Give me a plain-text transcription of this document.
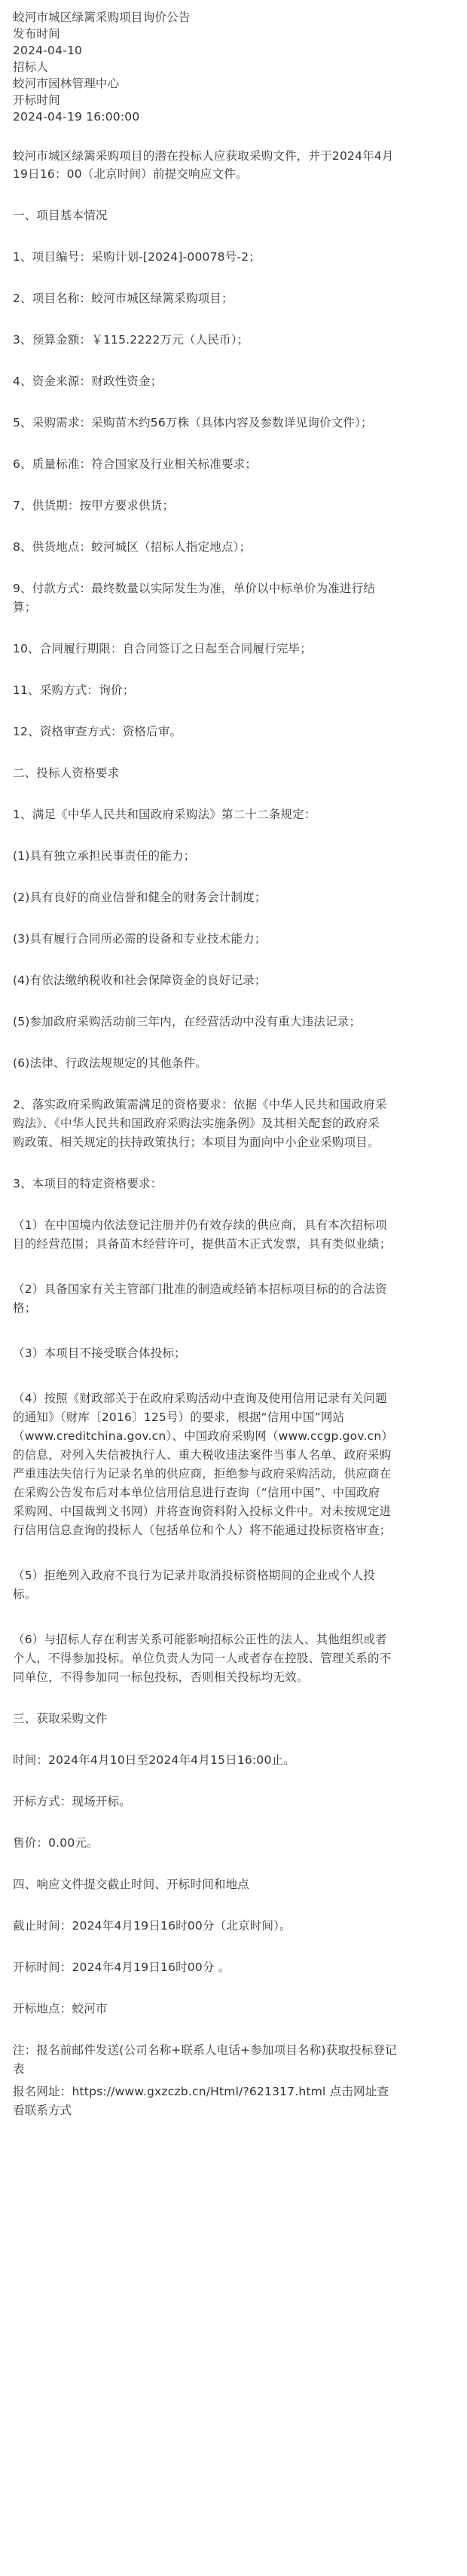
蛟河市城区绿篱采购项目询价公告
发布时间
2024-04-10
招标人
蛟河市园林管理中心
开标时间
2024-04-19 16:00:00
蛟河市城区绿篱采购项目的潜在投标人应获取采购文件，并于2024年4月
19日16：00（北京时间）前提交响应文件。
一、项目基本情况
1、项目编号：采购计划-[2024]-00078号-2；
2、项目名称：蛟河市城区绿篱采购项目；
3、预算金额：￥115.2222万元（人民币）；
4、资金来源：财政性资金；
5、采购需求：采购苗木约56万株（具体内容及参数详见询价文件）；
6、质量标准：符合国家及行业相关标准要求；
7、供货期：按甲方要求供货；
8、供货地点：蛟河城区（招标人指定地点）；
9、付款方式：最终数量以实际发生为准，单价以中标单价为准进行结
算；
10、合同履行期限：自合同签订之日起至合同履行完毕；
11、采购方式：询价；
12、资格审查方式：资格后审。
二、投标人资格要求
1、满足《中华人民共和国政府采购法》第二十二条规定：
(1)具有独立承担民事责任的能力；
(2)具有良好的商业信誉和健全的财务会计制度；
(3)具有履行合同所必需的设备和专业技术能力；
(4)有依法缴纳税收和社会保障资金的良好记录；
(5)参加政府采购活动前三年内，在经营活动中没有重大违法记录；
(6)法律、行政法规规定的其他条件。
2、落实政府采购政策需满足的资格要求：依据《中华人民共和国政府采
购法》、《中华人民共和国政府采购法实施条例》及其相关配套的政府采
购政策、相关规定的扶持政策执行；本项目为面向中小企业采购项目。
3、本项目的特定资格要求：
（1）在中国境内依法登记注册并仍有效存续的供应商，具有本次招标项
目的经营范围；具备苗木经营许可，提供苗木正式发票，具有类似业绩；
（2）具备国家有关主管部门批准的制造或经销本招标项目标的的合法资
格；
（3）本项目不接受联合体投标；
（4）按照《财政部关于在政府采购活动中查询及使用信用记录有关问题
的通知》（财库〔2016〕125号）的要求，根据“信用中国”网站
（www.creditchina.gov.cn）、中国政府采购网（www.ccgp.gov.cn）
的信息，对列入失信被执行人、重大税收违法案件当事人名单、政府采购
严重违法失信行为记录名单的供应商，拒绝参与政府采购活动，供应商在
在采购公告发布后对本单位信用信息进行查询（“信用中国”、中国政府
采购网、中国裁判文书网）并将查询资料附入投标文件中。对未按规定进
行信用信息查询的投标人（包括单位和个人）将不能通过投标资格审查；
（5）拒绝列入政府不良行为记录并取消投标资格期间的企业或个人投
标。
（6）与招标人存在利害关系可能影响招标公正性的法人、其他组织或者
个人，不得参加投标。单位负责人为同一人或者存在控股、管理关系的不
同单位，不得参加同一标包投标，否则相关投标均无效。
三、获取采购文件
时间：2024年4月10日至2024年4月15日16:00止。
开标方式：现场开标。
售价：0.00元。
四、响应文件提交截止时间、开标时间和地点
截止时间：2024年4月19日16时00分（北京时间）。
开标时间：2024年4月19日16时00分 。
开标地点：蛟河市
注：报名前邮件发送(公司名称+联系人电话+参加项目名称)获取投标登记
表
报名网址：https://www.gxzczb.cn/Html/?621317.html 点击网址查
看联系方式
